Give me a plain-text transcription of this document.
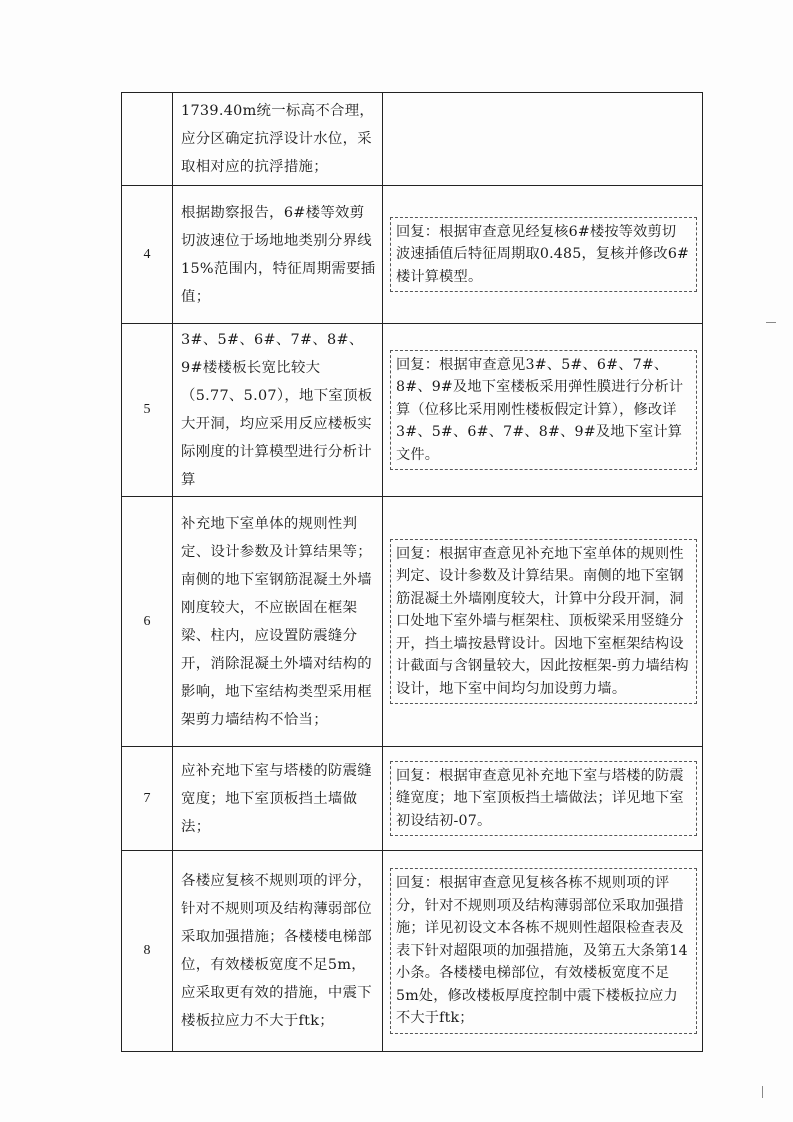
	1739.40m统一标高不合理，应分区确定抗浮设计水位，采取相对应的抗浮措施；	

4	根据勘察报告，6#楼等效剪切波速位于场地地类别分界线15%范围内，特征周期需要插值；	回复：根据审查意见经复核6#楼按等效剪切波速插值后特征周期取0.485，复核并修改6#楼计算模型。

5	3#、5#、6#、7#、8#、9#楼楼板长宽比较大（5.77、5.07），地下室顶板大开洞，均应采用反应楼板实际刚度的计算模型进行分析计算	回复：根据审查意见3#、5#、6#、7#、8#、9#及地下室楼板采用弹性膜进行分析计算（位移比采用刚性楼板假定计算），修改详3#、5#、6#、7#、8#、9#及地下室计算文件。

6	补充地下室单体的规则性判定、设计参数及计算结果等；南侧的地下室钢筋混凝土外墙刚度较大，不应嵌固在框架梁、柱内，应设置防震缝分开，消除混凝土外墙对结构的影响，地下室结构类型采用框架剪力墙结构不恰当；	回复：根据审查意见补充地下室单体的规则性判定、设计参数及计算结果。南侧的地下室钢筋混凝土外墙刚度较大，计算中分段开洞，洞口处地下室外墙与框架柱、顶板梁采用竖缝分开，挡土墙按悬臂设计。因地下室框架结构设计截面与含钢量较大，因此按框架-剪力墙结构设计，地下室中间均匀加设剪力墙。

7	应补充地下室与塔楼的防震缝宽度；地下室顶板挡土墙做法；	回复：根据审查意见补充地下室与塔楼的防震缝宽度；地下室顶板挡土墙做法；详见地下室初设结初-07。

8	各楼应复核不规则项的评分，针对不规则项及结构薄弱部位采取加强措施；各楼楼电梯部位，有效楼板宽度不足5m，应采取更有效的措施，中震下楼板拉应力不大于ftk；	回复：根据审查意见复核各栋不规则项的评分，针对不规则项及结构薄弱部位采取加强措施；详见初设文本各栋不规则性超限检查表及表下针对超限项的加强措施，及第五大条第14小条。各楼楼电梯部位，有效楼板宽度不足5m处，修改楼板厚度控制中震下楼板拉应力不大于ftk；
